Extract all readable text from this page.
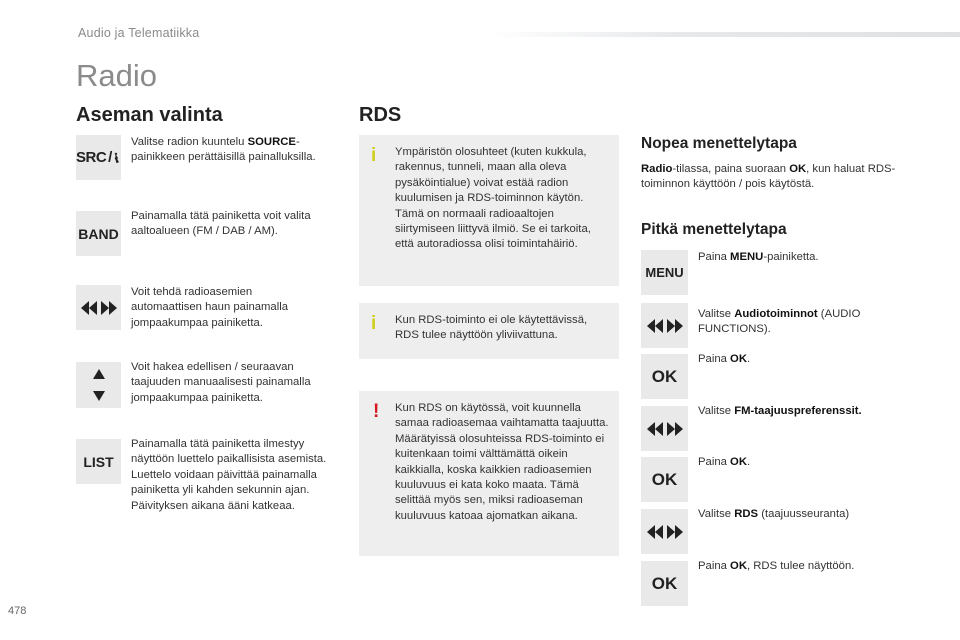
Audio ja Telematiikka
Radio
Aseman valinta
SRC /
Valitse radion kuuntelu SOURCE-painikkeen perättäisillä painalluksilla.
BAND
Painamalla tätä painiketta voit valita aaltoalueen (FM / DAB / AM).
Voit tehdä radioasemien automaattisen haun painamalla jompaakumpaa painiketta.
Voit hakea edellisen / seuraavan taajuuden manuaalisesti painamalla jompaakumpaa painiketta.
LIST
Painamalla tätä painiketta ilmestyy näyttöön luettelo paikallisista asemista.
Luettelo voidaan päivittää painamalla painiketta yli kahden sekunnin ajan. Päivityksen aikana ääni katkeaa.
RDS
i Ympäristön olosuhteet (kuten kukkula, rakennus, tunneli, maan alla oleva pysäköintialue) voivat estää radion kuulumisen ja RDS-toiminnon käytön. Tämä on normaali radioaaltojen siirtymiseen liittyvä ilmiö. Se ei tarkoita, että autoradiossa olisi toimintahäiriö.
i Kun RDS-toiminto ei ole käytettävissä, RDS tulee näyttöön yliviivattuna.
! Kun RDS on käytössä, voit kuunnella samaa radioasemaa vaihtamatta taajuutta. Määrätyissä olosuhteissa RDS-toiminto ei kuitenkaan toimi välttämättä oikein kaikkialla, koska kaikkien radioasemien kuuluvuus ei kata koko maata. Tämä selittää myös sen, miksi radioaseman kuuluvuus katoaa ajomatkan aikana.
Nopea menettelytapa
Radio-tilassa, paina suoraan OK, kun haluat RDS-toiminnon käyttöön / pois käytöstä.
Pitkä menettelytapa
MENU
Paina MENU-painiketta.
Valitse Audiotoiminnot (AUDIO FUNCTIONS).
OK
Paina OK.
Valitse FM-taajuuspreferenssit.
OK
Paina OK.
Valitse RDS (taajuusseuranta)
OK
Paina OK, RDS tulee näyttöön.
478
